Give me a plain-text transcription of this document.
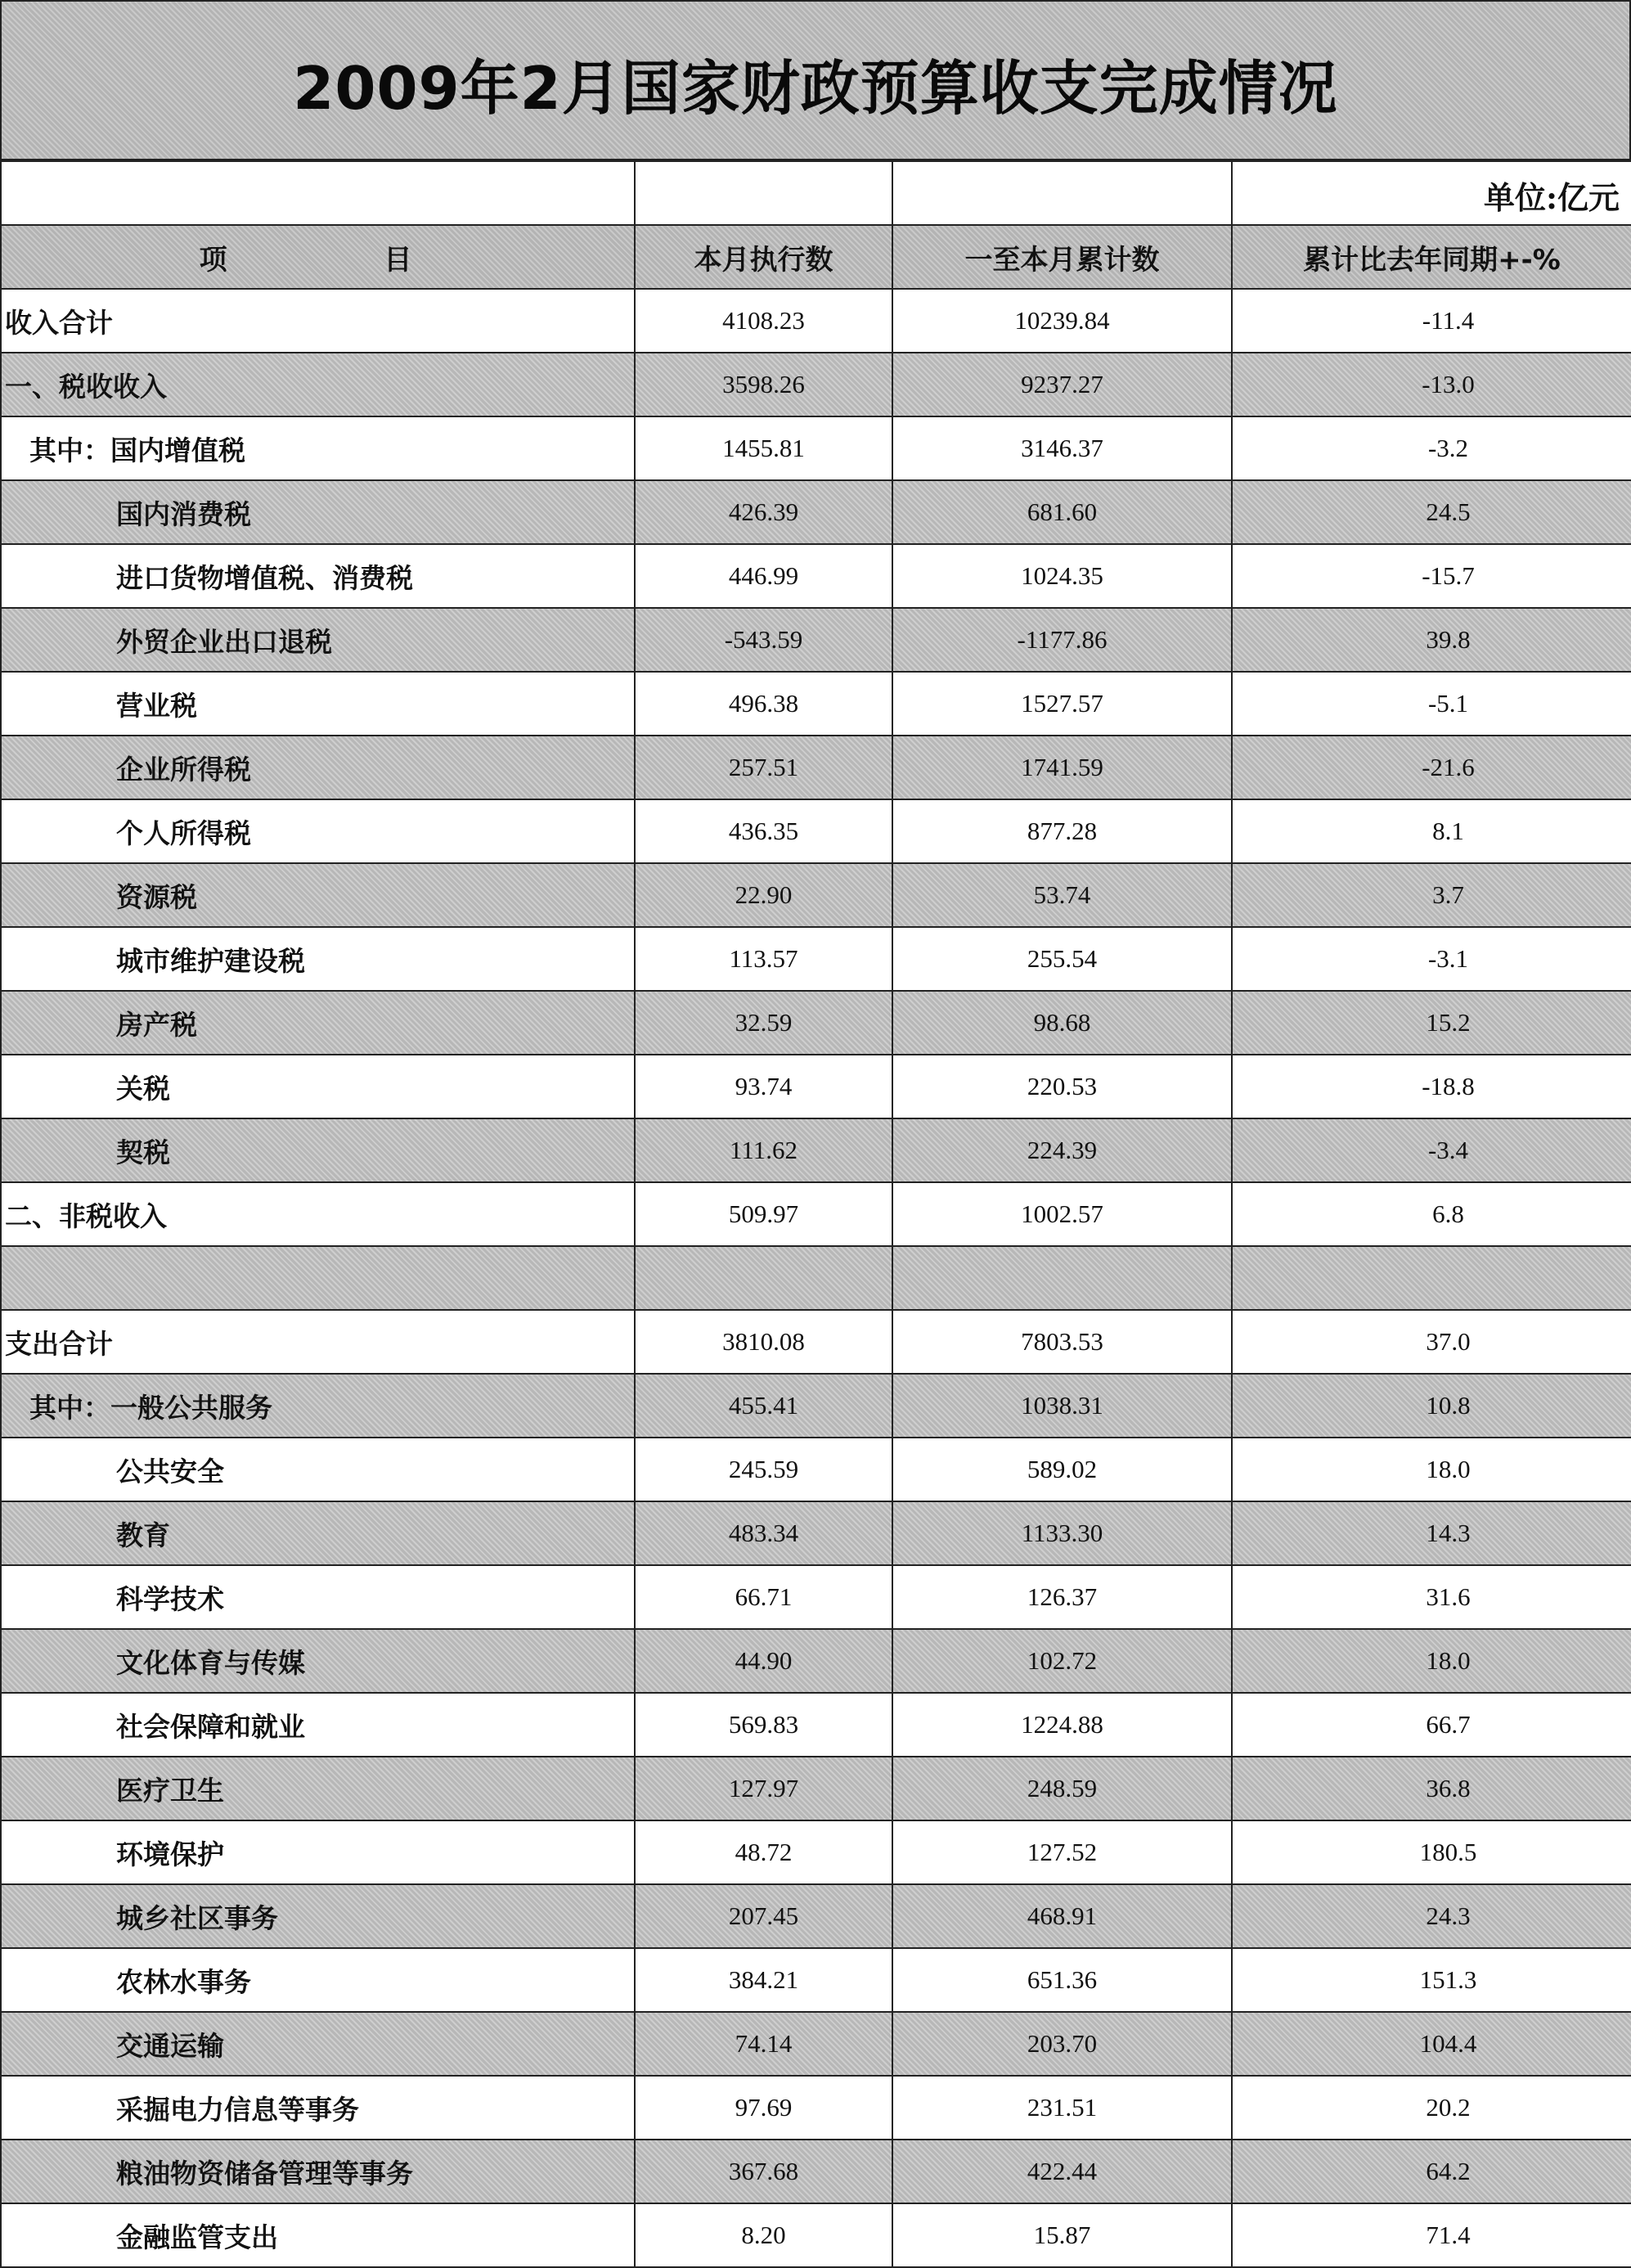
2009年2月国家财政预算收支完成情况
			单位:亿元
项 目	本月执行数	一至本月累计数	累计比去年同期+-%
收入合计	4108.23	10239.84	-11.4
一、税收收入	3598.26	9237.27	-13.0
其中：国内增值税	1455.81	3146.37	-3.2
国内消费税	426.39	681.60	24.5
进口货物增值税、消费税	446.99	1024.35	-15.7
外贸企业出口退税	-543.59	-1177.86	39.8
营业税	496.38	1527.57	-5.1
企业所得税	257.51	1741.59	-21.6
个人所得税	436.35	877.28	8.1
资源税	22.90	53.74	3.7
城市维护建设税	113.57	255.54	-3.1
房产税	32.59	98.68	15.2
关税	93.74	220.53	-18.8
契税	111.62	224.39	-3.4
二、非税收入	509.97	1002.57	6.8

支出合计	3810.08	7803.53	37.0
其中：一般公共服务	455.41	1038.31	10.8
公共安全	245.59	589.02	18.0
教育	483.34	1133.30	14.3
科学技术	66.71	126.37	31.6
文化体育与传媒	44.90	102.72	18.0
社会保障和就业	569.83	1224.88	66.7
医疗卫生	127.97	248.59	36.8
环境保护	48.72	127.52	180.5
城乡社区事务	207.45	468.91	24.3
农林水事务	384.21	651.36	151.3
交通运输	74.14	203.70	104.4
采掘电力信息等事务	97.69	231.51	20.2
粮油物资储备管理等事务	367.68	422.44	64.2
金融监管支出	8.20	15.87	71.4
